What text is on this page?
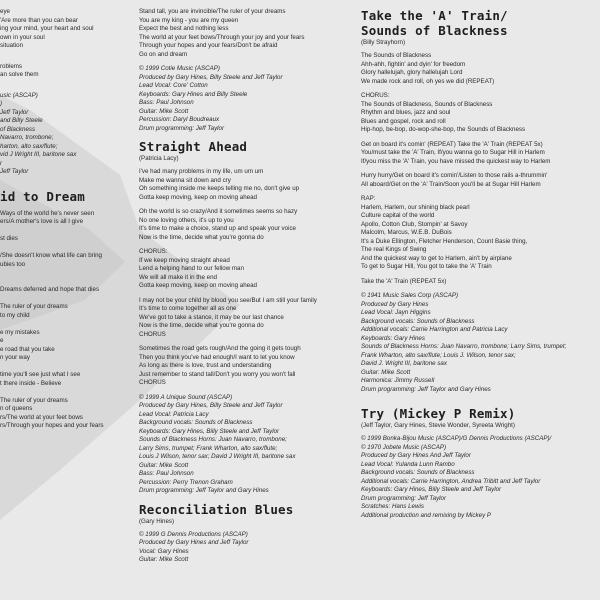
eye
'Are more than you can bear
ing your mind, your heart and soul
own in your soul
situation
roblems
an solve them
usic (ASCAP)
)
Jeff Taylor
and Billy Steele
of Blackness
Navarro, trombone;
harton, alto sax/flute;
vid J Wright III, baritone sax
r
Jeff Taylor
id to Dream
Ways of the world he's never seen
ers/A mother's love is all I give
st dies
/She doesn't know what life can bring
ubies too
Dreams deferred and hope that dies
The ruler of your dreams
to my child
e my mistakes
e
e road that you take
n your way
time you'll see just what I see
t there inside - Believe
The ruler of your dreams
n of queens
rs/The world at your feet bows
rs/Through your hopes and your fears
Stand tall, you are invincible/The ruler of your dreams
You are my king - you are my queen
Expect the best and nothing less
The world at your feet bows/Through your joy and your fears
Through your hopes and your fears/Don't be afraid
Go on and dream
© 1999 Cotie Music (ASCAP)
Produced by Gary Hines, Billy Steele and Jeff Taylor
Lead Vocal: Core' Cotton
Keyboards: Gary Hines and Billy Steele
Bass: Paul Johnson
Guitar: Mike Scott
Percussion: Daryl Boudreaux
Drum programming: Jeff Taylor
Straight Ahead
(Patricia Lacy)
I've had many problems in my life, um um um
Make me wanna sit down and cry
Oh something inside me keeps telling me no, don't give up
Gotta keep moving, keep on moving ahead
Oh the world is so crazy/And it sometimes seems so hazy
No one loving others, it's up to you
It's time to make a choice, stand up and speak your voice
Now is the time, decide what you're gonna do
CHORUS:
If we keep moving straight ahead
Lend a helping hand to our fellow man
We will all make it in the end
Gotta keep moving, keep on moving ahead
I may not be your child by blood you see/But I am still your family
It's time to come together all as one
We've got to take a stance, it may be our last chance
Now is the time, decide what you're gonna do
CHORUS
Sometimes the road gets rough/And the going it gets tough
Then you think you've had enough/I want to let you know
As long as there is love, trust and understanding
Just remember to stand tall/Don't you worry you won't fall
CHORUS
© 1999 A Unique Sound (ASCAP)
Produced by Gary Hines, Billy Steele and Jeff Taylor
Lead Vocal: Patricia Lacy
Background vocals: Sounds of Blackness
Keyboards: Gary Hines, Billy Steele and Jeff Taylor
Sounds of Blackness Horns: Juan Navarro, trombone;
Larry Sims, trumpet; Frank Wharton, alto sax/flute;
Louis J Wilson, tenor sax; David J Wright III, baritone sax
Guitar: Mike Scott
Bass: Paul Johnson
Percussion: Perry Trenon Graham
Drum programming: Jeff Taylor and Gary Hines
Reconciliation Blues
(Gary Hines)
© 1999 G Dennis Productions (ASCAP)
Produced by Gary Hines and Jeff Taylor
Vocal: Gary Hines
Guitar: Mike Scott
Take the 'A' Train/
Sounds of Blackness
(Billy Strayhorn)
The Sounds of Blackness
Ahh-ahh, fightin' and dyin' for freedom
Glory hallelujah, glory hallelujah Lord
We made rock and roll, oh yes we did (REPEAT)
CHORUS:
The Sounds of Blackness, Sounds of Blackness
Rhythm and blues, jazz and soul
Blues and gospel, rock and roll
Hip-hop, be-bop, do-wop-she-bop, the Sounds of Blackness
Get on board it's comin' (REPEAT) Take the 'A' Train (REPEAT 5x)
You/must take the 'A' Train, If/you wanna go to Sugar Hill in Harlem
If/you miss the 'A' Train, you have missed the quickest way to Harlem
Hurry hurry/Get on board it's comin'/Listen to those rails a-thrummin'
All aboard/Get on the 'A' Train/Soon you'll be at Sugar Hill Harlem
RAP:
Harlem, Harlem, our shining black pearl
Culture capital of the world
Apollo, Cotton Club, Stompin' at Savoy
Malcolm, Marcus, W.E.B. DuBois
It's a Duke Ellington, Fletcher Henderson, Count Basie thing,
The real Kings of Swing
And the quickest way to get to Harlem, ain't by airplane
To get to Sugar Hill, You got to take the 'A' Train
Take the 'A' Train (REPEAT 5x)
© 1941 Music Sales Corp (ASCAP)
Produced by Gary Hines
Lead Vocal: Jayn Higgins
Background vocals: Sounds of Blackness
Additional vocals: Carrie Harrington and Patricia Lacy
Keyboards: Gary Hines
Sounds of Blackness Horns: Juan Navarro, trombone; Larry Sims, trumpet;
Frank Wharton, alto sax/flute; Louis J. Wilson, tenor sax;
David J. Wright III, baritone sax
Guitar: Mike Scott
Harmonica: Jimmy Russell
Drum programming: Jeff Taylor and Gary Hines
Try (Mickey P Remix)
(Jeff Taylor, Gary Hines, Stevie Wonder, Syreeta Wright)
© 1999 Bonka-Bijou Music (ASCAP)/G Dennis Productions (ASCAP)/
© 1970 Jobete Music (ASCAP)
Produced by Gary Hines And Jeff Taylor
Lead Vocal: Yulanda Lunn Rambo
Background vocals: Sounds of Blackness
Additional vocals: Carrie Harrington, Andrea Tribitt and Jeff Taylor
Keyboards: Gary Hines, Billy Steele and Jeff Taylor
Drum programming: Jeff Taylor
Scratches: Hans Lewis
Additional production and remixing by Mickey P
